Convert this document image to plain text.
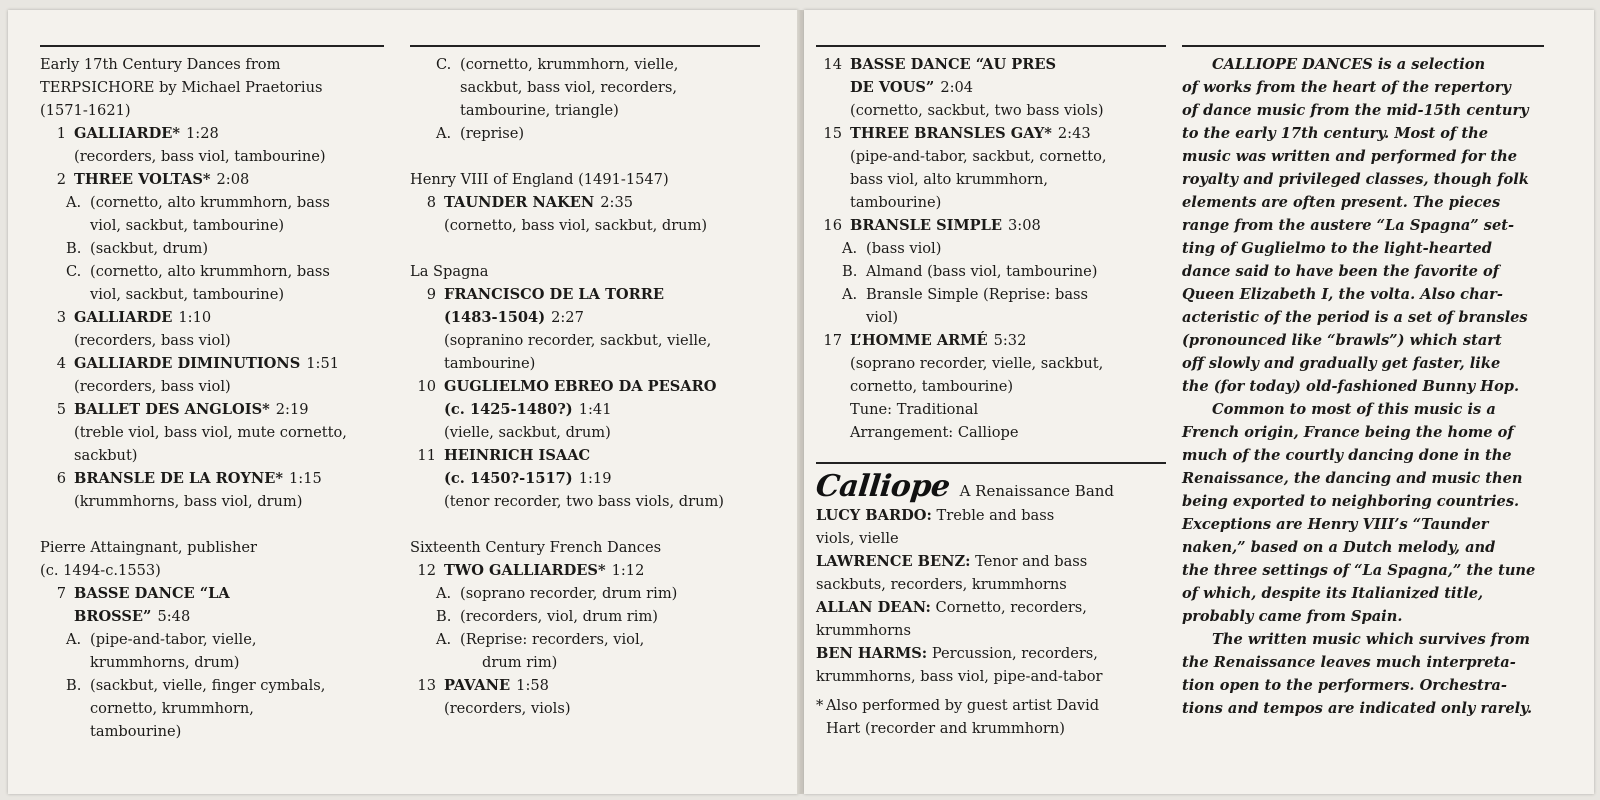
Early 17th Century Dances from
TERPSICHORE by Michael Praetorius
(1571-1621)
1 GALLIARDE* 1:28
(recorders, bass viol, tambourine)
2 THREE VOLTAS* 2:08
A. (cornetto, alto krummhorn, bass
viol, sackbut, tambourine)
B. (sackbut, drum)
C. (cornetto, alto krummhorn, bass
viol, sackbut, tambourine)
3 GALLIARDE 1:10
(recorders, bass viol)
4 GALLIARDE DIMINUTIONS 1:51
(recorders, bass viol)
5 BALLET DES ANGLOIS* 2:19
(treble viol, bass viol, mute cornetto,
sackbut)
6 BRANSLE DE LA ROYNE* 1:15
(krummhorns, bass viol, drum)
Pierre Attaingnant, publisher
(c. 1494-c.1553)
7 BASSE DANCE “LA
BROSSE” 5:48
A. (pipe-and-tabor, vielle,
krummhorns, drum)
B. (sackbut, vielle, finger cymbals,
cornetto, krummhorn,
tambourine)
C. (cornetto, krummhorn, vielle,
sackbut, bass viol, recorders,
tambourine, triangle)
A. (reprise)
Henry VIII of England (1491-1547)
8 TAUNDER NAKEN 2:35
(cornetto, bass viol, sackbut, drum)
La Spagna
9 FRANCISCO DE LA TORRE
(1483-1504) 2:27
(sopranino recorder, sackbut, vielle,
tambourine)
10 GUGLIELMO EBREO DA PESARO
(c. 1425-1480?) 1:41
(vielle, sackbut, drum)
11 HEINRICH ISAAC
(c. 1450?-1517) 1:19
(tenor recorder, two bass viols, drum)
Sixteenth Century French Dances
12 TWO GALLIARDES* 1:12
A. (soprano recorder, drum rim)
B. (recorders, viol, drum rim)
A. (Reprise: recorders, viol,
drum rim)
13 PAVANE 1:58
(recorders, viols)
14 BASSE DANCE “AU PRES
DE VOUS” 2:04
(cornetto, sackbut, two bass viols)
15 THREE BRANSLES GAY* 2:43
(pipe-and-tabor, sackbut, cornetto,
bass viol, alto krummhorn,
tambourine)
16 BRANSLE SIMPLE 3:08
A. (bass viol)
B. Almand (bass viol, tambourine)
A. Bransle Simple (Reprise: bass
viol)
17 L’HOMME ARMÉ 5:32
(soprano recorder, vielle, sackbut,
cornetto, tambourine)
Tune: Traditional
Arrangement: Calliope
Calliope A Renaissance Band
LUCY BARDO: Treble and bass
viols, vielle
LAWRENCE BENZ: Tenor and bass
sackbuts, recorders, krummhorns
ALLAN DEAN: Cornetto, recorders,
krummhorns
BEN HARMS: Percussion, recorders,
krummhorns, bass viol, pipe-and-tabor
* Also performed by guest artist David
Hart (recorder and krummhorn)
CALLIOPE DANCES is a selection
of works from the heart of the repertory
of dance music from the mid-15th century
to the early 17th century. Most of the
music was written and performed for the
royalty and privileged classes, though folk
elements are often present. The pieces
range from the austere “La Spagna” set-
ting of Guglielmo to the light-hearted
dance said to have been the favorite of
Queen Elizabeth I, the volta. Also char-
acteristic of the period is a set of bransles
(pronounced like “brawls”) which start
off slowly and gradually get faster, like
the (for today) old-fashioned Bunny Hop.
Common to most of this music is a
French origin, France being the home of
much of the courtly dancing done in the
Renaissance, the dancing and music then
being exported to neighboring countries.
Exceptions are Henry VIII’s “Taunder
naken,” based on a Dutch melody, and
the three settings of “La Spagna,” the tune
of which, despite its Italianized title,
probably came from Spain.
The written music which survives from
the Renaissance leaves much interpreta-
tion open to the performers. Orchestra-
tions and tempos are indicated only rarely.
